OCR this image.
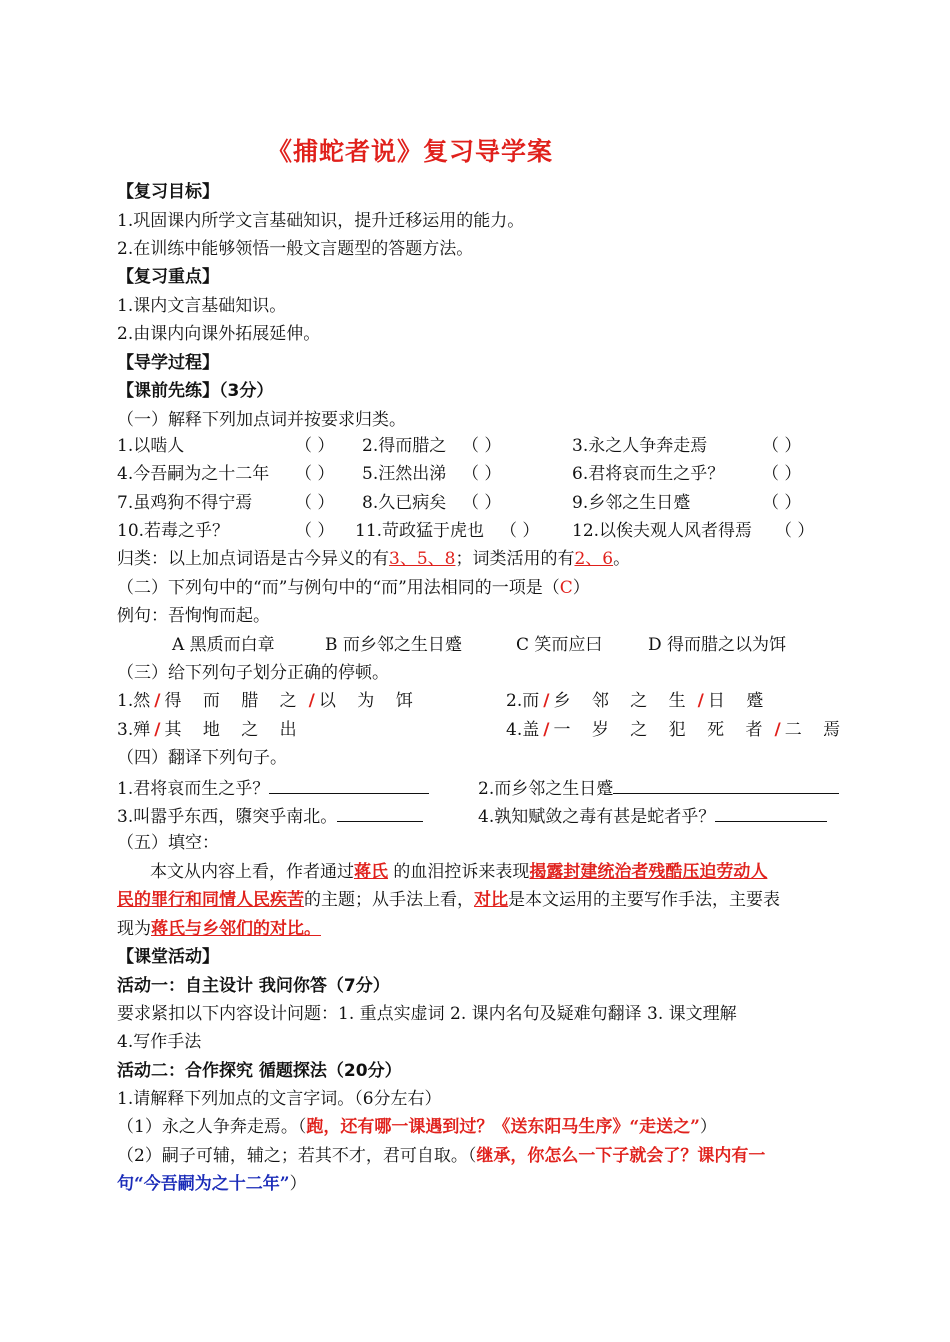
《捕蛇者说》复习导学案
【复习目标】
1.巩固课内所学文言基础知识，提升迁移运用的能力。
2.在训练中能够领悟一般文言题型的答题方法。
【复习重点】
1.课内文言基础知识。
2.由课内向课外拓展延伸。
【导学过程】
【课前先练】（3分）
（一）解释下列加点词并按要求归类。
1.以啮人	（ ） 2.得而腊之 （ ）	3.永之人争奔走焉	（ ）
4.今吾嗣为之十二年 （ ） 5.汪然出涕 （ ）	6.君将哀而生之乎？ （ ）
7.虽鸡狗不得宁焉	（ ） 8.久已病矣 （ ）	9.乡邻之生日蹙	（ ）
10.若毒之乎？	（ ） 11.苛政猛于虎也 （ ） 12.以俟夫观人风者得焉 （ ）
归类：以上加点词语是古今异义的有3、5、8；词类活用的有2、6。
（二）下列句中的“而”与例句中的“而”用法相同的一项是（C）
例句：吾恂恂而起。
A 黑质而白章	B 而乡邻之生日蹙	C 笑而应曰	D 得而腊之以为饵
（三）给下列句子划分正确的停顿。
1.然 / 得 而 腊 之 / 以 为 饵	2.而 / 乡 邻 之 生 / 日 蹙
3.殚 / 其 地 之 出	4.盖 / 一 岁 之 犯 死 者 / 二 焉
（四）翻译下列句子。
1.君将哀而生之乎？	2.而乡邻之生日蹙
3.叫嚣乎东西，隳突乎南北。	4.孰知赋敛之毒有甚是蛇者乎？
（五）填空：
本文从内容上看，作者通过蒋氏 的血泪控诉来表现揭露封建统治者残酷压迫劳动人
民的罪行和同情人民疾苦的主题；从手法上看，对比是本文运用的主要写作手法，主要表
现为蒋氏与乡邻们的对比。
【课堂活动】
活动一：自主设计 我问你答（7分）
要求紧扣以下内容设计问题：1. 重点实虚词 2. 课内名句及疑难句翻译 3. 课文理解
4.写作手法
活动二：合作探究 循题探法（20分）
1.请解释下列加点的文言字词。（6分左右）
（1）永之人争奔走焉。（跑，还有哪一课遇到过？《送东阳马生序》“走送之”）
（2）嗣子可辅，辅之；若其不才，君可自取。（继承，你怎么一下子就会了？课内有一
句“今吾嗣为之十二年”）
